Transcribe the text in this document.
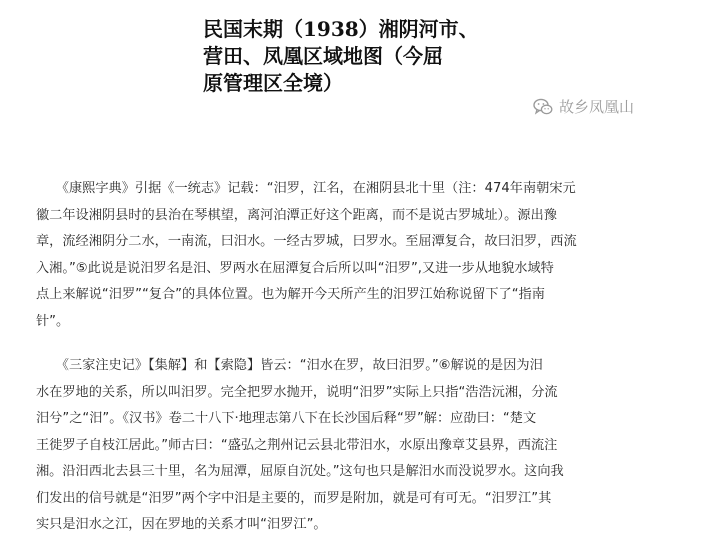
民国末期（1938）湘阴河市、
营田、凤凰区域地图（今屈
原管理区全境）
故乡凤凰山
　　《康熙字典》引据《一统志》记载：“汨罗，江名，在湘阴县北十里（注：474年南朝宋元
徽二年设湘阴县时的县治在琴棋望，离河泊潭正好这个距离，而不是说古罗城址）。源出豫
章，流经湘阴分二水，一南流，曰汨水。一经古罗城，曰罗水。至屈潭复合，故曰汨罗，西流
入湘。”⑤此说是说汨罗名是汨、罗两水在屈潭复合后所以叫“汨罗”,又进一步从地貌水域特
点上来解说“汨罗”“复合”的具体位置。也为解开今天所产生的汨罗江始称说留下了“指南
针”。
　　《三家注史记》【集解】和【索隐】皆云：“汨水在罗，故曰汨罗。”⑥解说的是因为汨
水在罗地的关系，所以叫汨罗。完全把罗水抛开，说明“汨罗”实际上只指“浩浩沅湘，分流
汨兮”之“汨”。《汉书》卷二十八下·地理志第八下在长沙国后释“罗”解：应劭曰：“楚文
王徙罗子自枝江居此。”师古曰：“盛弘之荆州记云县北带汨水，水原出豫章艾县界，西流注
湘。沿汨西北去县三十里，名为屈潭，屈原自沉处。”这句也只是解汨水而没说罗水。这向我
们发出的信号就是“汨罗”两个字中汨是主要的，而罗是附加，就是可有可无。“汨罗江”其
实只是汨水之江，因在罗地的关系才叫“汨罗江”。
